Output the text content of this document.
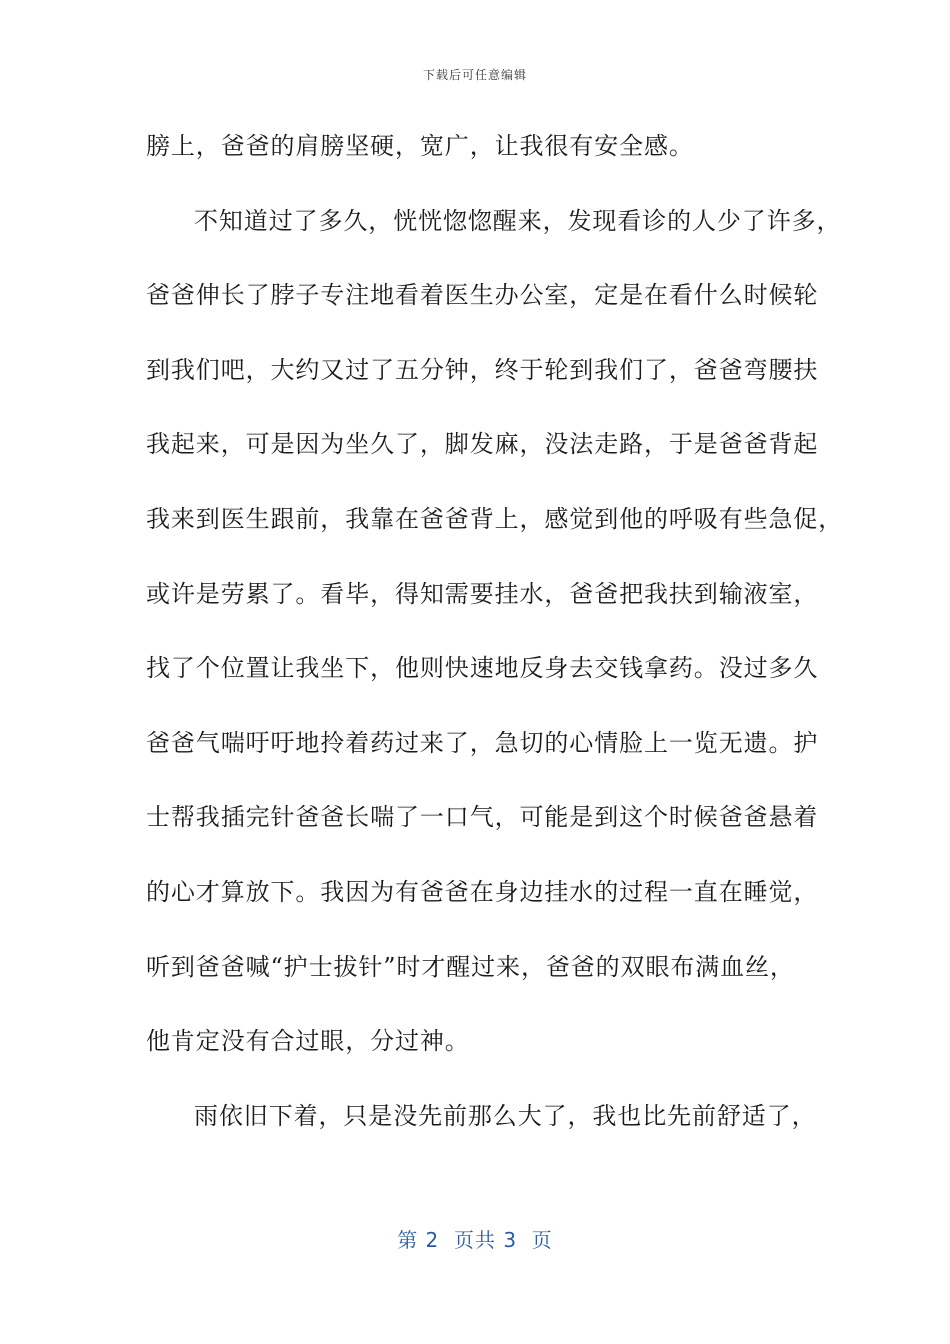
下载后可任意编辑
膀上，爸爸的肩膀坚硬，宽广，让我很有安全感。
不知道过了多久，恍恍惚惚醒来，发现看诊的人少了许多，
爸爸伸长了脖子专注地看着医生办公室，定是在看什么时候轮
到我们吧，大约又过了五分钟，终于轮到我们了，爸爸弯腰扶
我起来，可是因为坐久了，脚发麻，没法走路，于是爸爸背起
我来到医生跟前，我靠在爸爸背上，感觉到他的呼吸有些急促，
或许是劳累了。看毕，得知需要挂水，爸爸把我扶到输液室，
找了个位置让我坐下，他则快速地反身去交钱拿药。没过多久
爸爸气喘吁吁地拎着药过来了，急切的心情脸上一览无遗。护
士帮我插完针爸爸长喘了一口气，可能是到这个时候爸爸悬着
的心才算放下。我因为有爸爸在身边挂水的过程一直在睡觉，
听到爸爸喊“护士拔针”时才醒过来，爸爸的双眼布满血丝，
他肯定没有合过眼，分过神。
雨依旧下着，只是没先前那么大了，我也比先前舒适了，
第 2  页共 3  页
